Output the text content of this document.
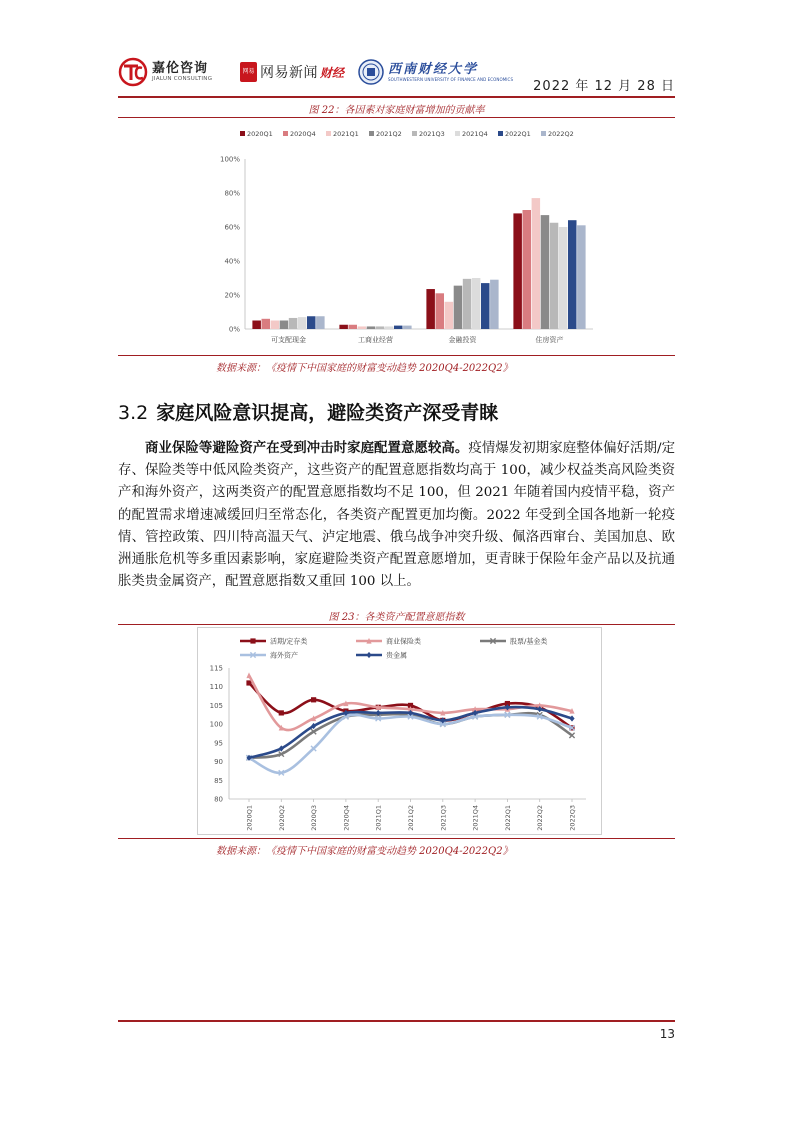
嘉伦咨询
JIALUN CONSULTING
网易 网易新闻 财经	西南财经大学
SOUTHWESTERN UNIVERSITY OF FINANCE AND ECONOMICS 2022 年 12 月 28 日
图 22：各因素对家庭财富增加的贡献率
2020Q1	2020Q4	2021Q1	2021Q2	2021Q3	2021Q4	2022Q1	2022Q2
0%
20%
40%
60%
80%
100%
可支配现金	工商业经营	金融投资	住房资产
数据来源：《疫情下中国家庭的财富变动趋势 2020Q4-2022Q2》
3.2 家庭风险意识提高，避险类资产深受青睐
商业保险等避险资产在受到冲击时家庭配置意愿较高。疫情爆发初期家庭整体偏好活期/定存、保险类等中低风险类资产，这些资产的配置意愿指数均高于 100，减少权益类高风险类资产和海外资产，这两类资产的配置意愿指数均不足 100，但 2021 年随着国内疫情平稳，资产的配置需求增速减缓回归至常态化，各类资产配置更加均衡。2022 年受到全国各地新一轮疫情、管控政策、四川特高温天气、泸定地震、俄乌战争冲突升级、佩洛西窜台、美国加息、欧洲通胀危机等多重因素影响，家庭避险类资产配置意愿增加，更青睐于保险年金产品以及抗通胀类贵金属资产，配置意愿指数又重回 100 以上。
图 23：各类资产配置意愿指数
活期/定存类	商业保险类	股票/基金类
海外资产	贵金属
80
85
90
95
100
105
110
115
2020Q1	2020Q2	2020Q3	2020Q4	2021Q1	2021Q2	2021Q3	2021Q4	2022Q1	2022Q2	2022Q3
数据来源：《疫情下中国家庭的财富变动趋势 2020Q4-2022Q2》
13
